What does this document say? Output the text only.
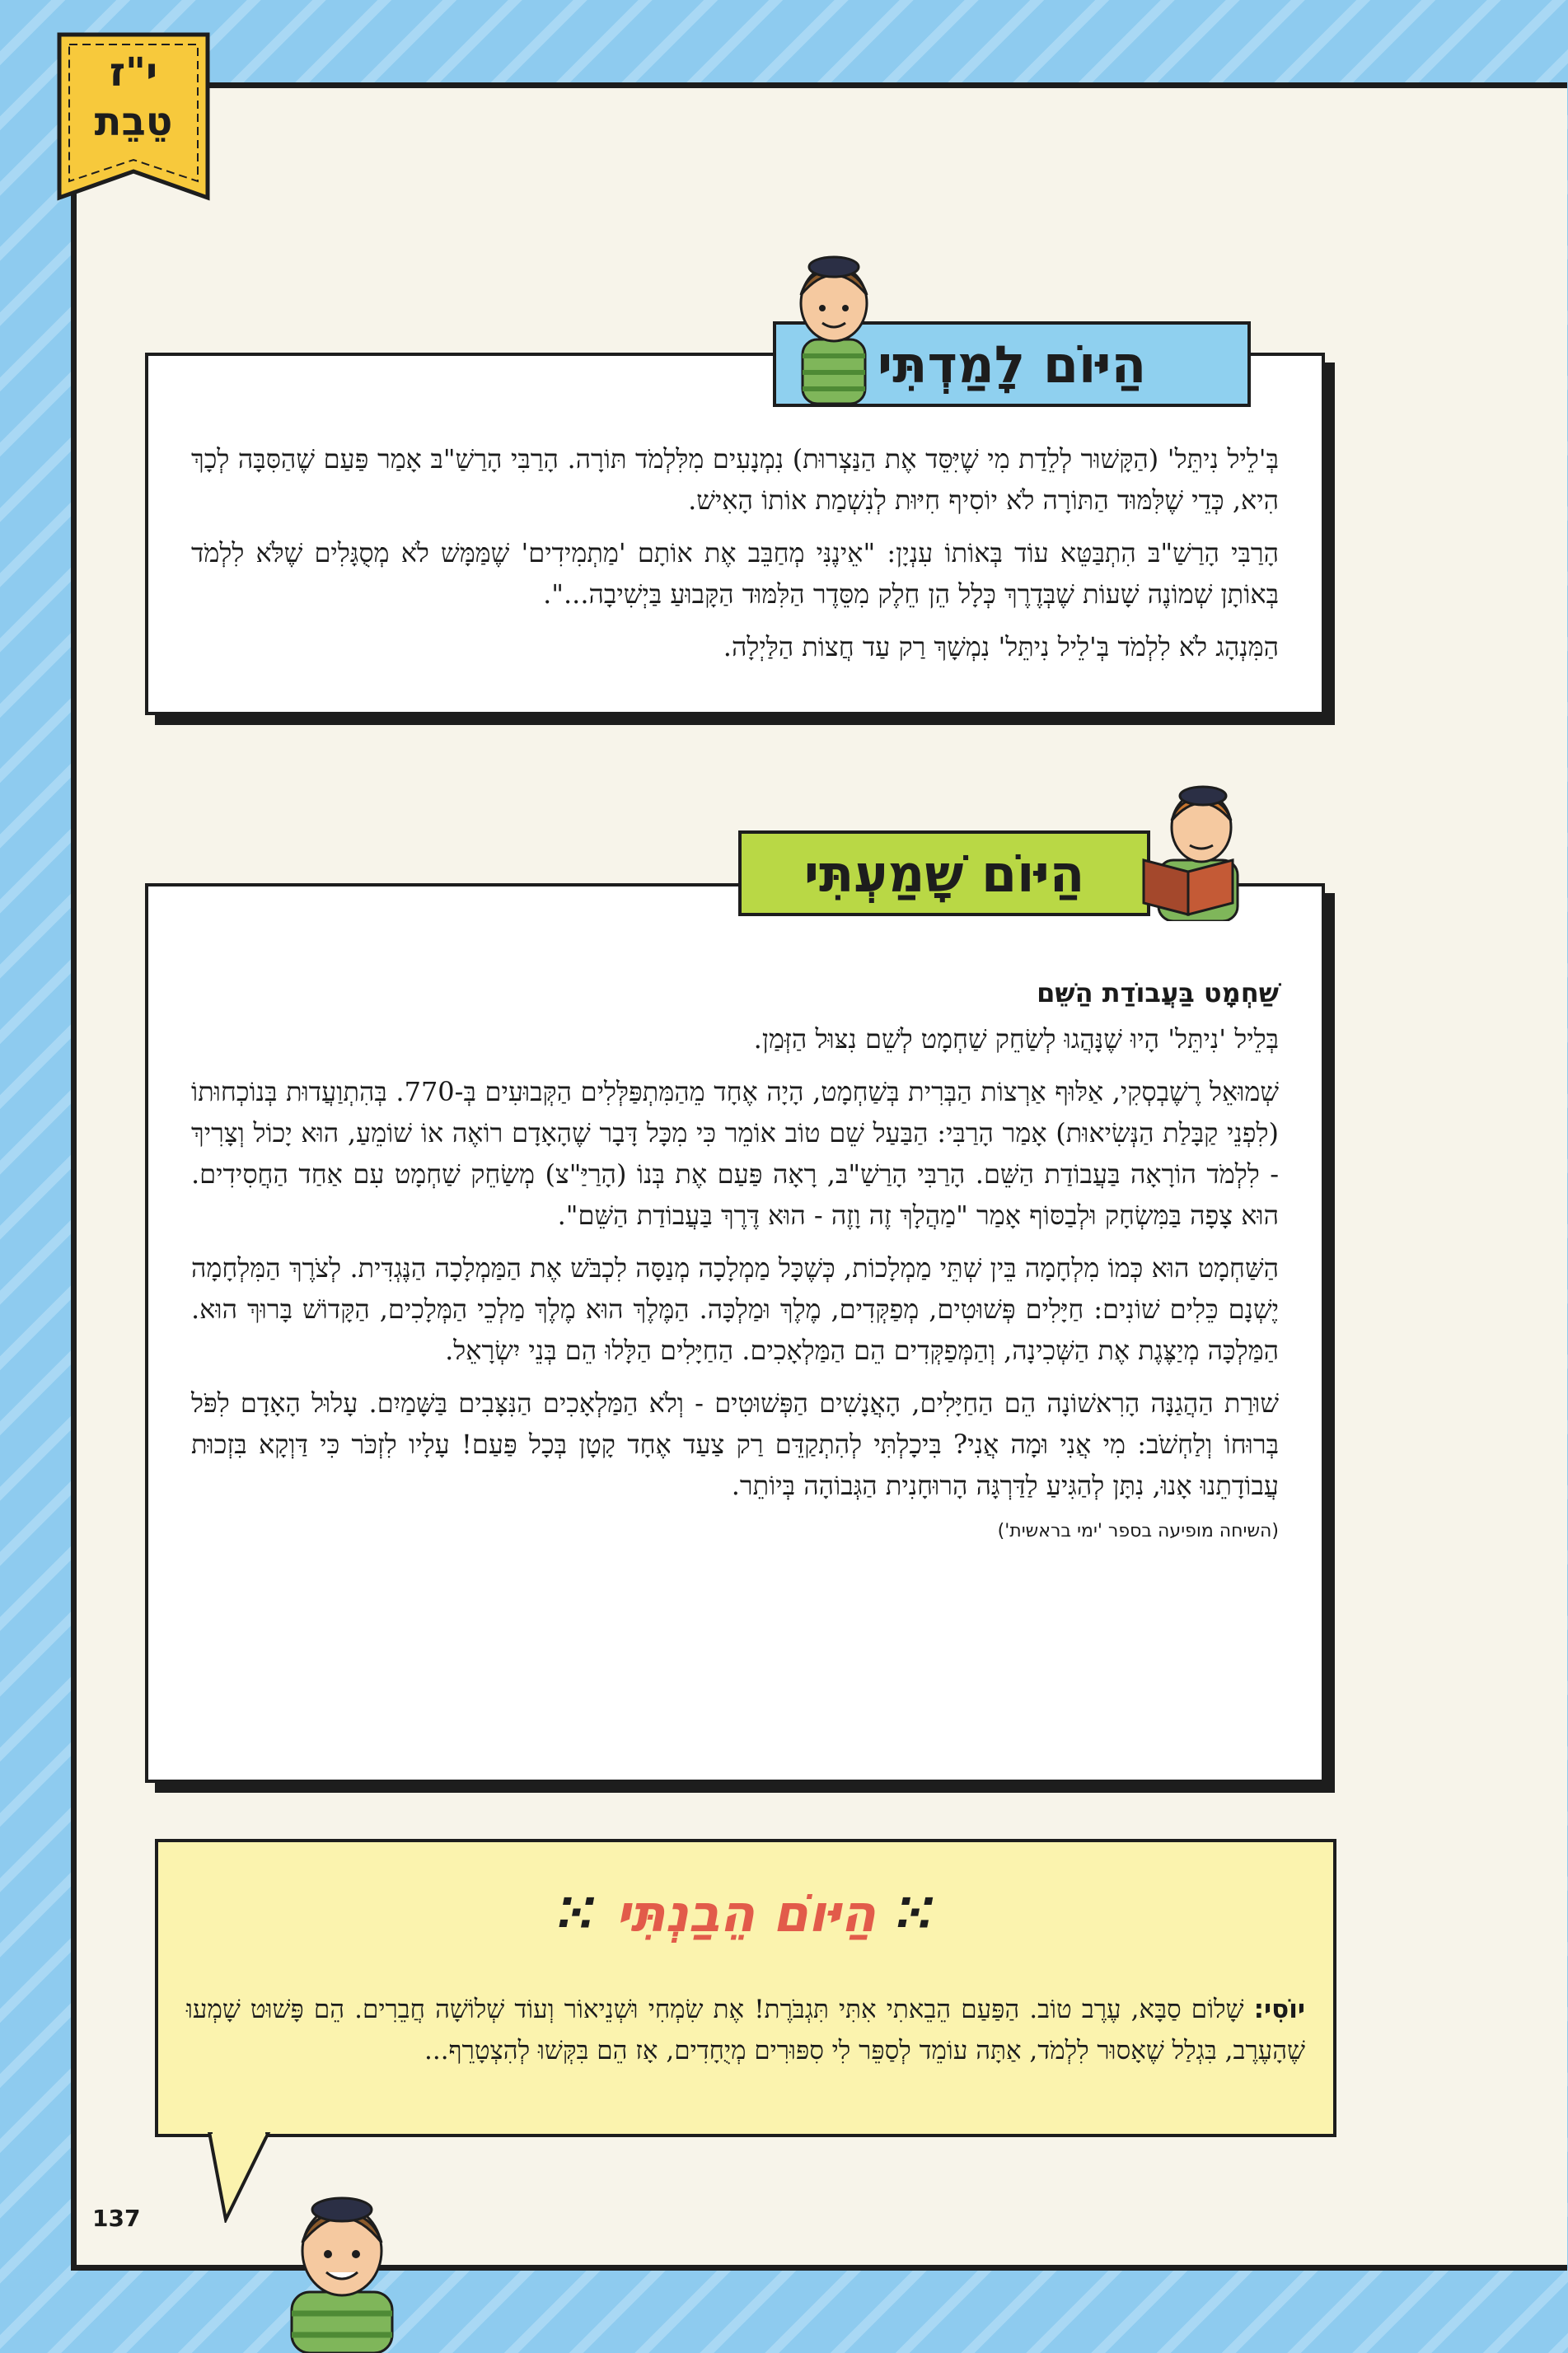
י"ז
טֵבֵת

בְּ'לֵיל נִיתֵּל' (הַקָּשׁוּר לְלֵדַת מִי שֶׁיִּסֵּד אֶת הַנַּצְרוּת) נִמְנָעִים מִלִּלְמֹד תּוֹרָה. הָרַבִּי הָרַשַׁ"בּ אָמַר פַּעַם שֶׁהַסִּבָּה לְכָךְ הִיא, כְּדֵי שֶׁלִּמּוּד הַתּוֹרָה לֹא יוֹסִיף חִיּוּת לְנִשְׁמַת אוֹתוֹ הָאִישׁ.

הָרַבִּי הָרַשַׁ"בּ הִתְבַּטֵּא עוֹד בְּאוֹתוֹ עִנְיָן: "אֵינֶנִּי מְחַבֵּב אֶת אוֹתָם 'מַתְמִידִים' שֶׁמַּמָּשׁ לֹא מְסֻגָּלִים שֶׁלֹּא לִלְמֹד בְּאוֹתָן שְׁמוֹנֶה שָׁעוֹת שֶׁבְּדֶרֶךְ כְּלָל הֵן חֵלֶק מִסֵּדֶר הַלִּמּוּד הַקָּבוּעַ בַּיְשִׁיבָה...".

הַמִּנְהָג לֹא לִלְמֹד בְּ'לֵיל נִיתֵּל' נִמְשָׁךְ רַק עַד חֲצוֹת הַלַּיְלָה.

הַיּוֹם לָמַדְתִּי

שַׁחְמָט בַּעֲבוֹדַת הַשֵּׁם

בְּלֵיל 'נִיתֵּל' הָיוּ שֶׁנָּהֲגוּ לְשַׂחֵק שַׁחְמָט לְשֵׁם נִצּוּל הַזְּמַן.

שְׁמוּאֵל רֶשֶׁבְסְקִי, אַלּוּף אַרְצוֹת הַבְּרִית בְּשַׁחְמָט, הָיָה אֶחָד מֵהַמִּתְפַּלְּלִים הַקְּבוּעִים בְּ-770. בְּהִתְוַעֲדוּת בְּנוֹכְחוּתוֹ (לִפְנֵי קַבָּלַת הַנְּשִׂיאוּת) אָמַר הָרַבִּי: הַבַּעַל שֵׁם טוֹב אוֹמֵר כִּי מִכָּל דָּבָר שֶׁהָאָדָם רוֹאֶה אוֹ שׁוֹמֵעַ, הוּא יָכוֹל וְצָרִיךְ - לִלְמֹד הוֹרָאָה בַּעֲבוֹדַת הַשֵּׁם. הָרַבִּי הָרַשַׁ"בּ, רָאָה פַּעַם אֶת בְּנוֹ (הָרַיַּ"צ) מְשַׂחֵק שַׁחְמָט עִם אַחַד הַחֲסִידִים. הוּא צָפָה בַּמִּשְׂחָק וּלְבַסּוֹף אָמַר "מַהֲלָךְ זֶה וָזֶה - הוּא דֶּרֶךְ בַּעֲבוֹדַת הַשֵּׁם".

הַשַּׁחְמָט הוּא כְּמוֹ מִלְחָמָה בֵּין שְׁתֵּי מַמְלָכוֹת, כְּשֶׁכָּל מַמְלָכָה מְנַסָּה לִכְבֹּשׁ אֶת הַמַּמְלָכָה הַנֶּגְדִּית. לְצֹרֶךְ הַמִּלְחָמָה יֶשְׁנָם כֵּלִים שׁוֹנִים: חַיָּלִים פְּשׁוּטִים, מְפַקְּדִים, מֶלֶךְ וּמַלְכָּה. הַמֶּלֶךְ הוּא מֶלֶךְ מַלְכֵי הַמְּלָכִים, הַקָּדוֹשׁ בָּרוּךְ הוּא. הַמַּלְכָּה מְיַצֶּגֶת אֶת הַשְּׁכִינָה, וְהַמְּפַקְּדִים הֵם הַמַּלְאָכִים. הַחַיָּלִים הַלָּלוּ הֵם בְּנֵי יִשְׂרָאֵל.

שׁוּרַת הַהֲגַנָּה הָרִאשׁוֹנָה הֵם הַחַיָּלִים, הָאֲנָשִׁים הַפְּשׁוּטִים - וְלֹא הַמַּלְאָכִים הַנִּצָּבִים בַּשָּׁמַיִם. עָלוּל הָאָדָם לִפֹּל בְּרוּחוֹ וְלַחְשֹׁב: מִי אֲנִי וּמָה אֲנִי? בִּיכָלְתִּי לְהִתְקַדֵּם רַק צַעַד אֶחָד קָטָן בְּכָל פַּעַם! עָלָיו לִזְכֹּר כִּי דַּוְקָא בִּזְכוּת עֲבוֹדָתֵנוּ אָנוּ, נִתָּן לְהַגִּיעַ לַדַּרְגָּה הָרוּחָנִית הַגְּבוֹהָה בְּיוֹתֵר.

(השיחה מופיעה בספר 'ימי בראשית')

הַיּוֹם שָׁמַעְתִּי
⁙ הַיּוֹם הֵבַנְתִּי ⁙
יוֹסִי: שָׁלוֹם סַבָּא, עֶרֶב טוֹב. הַפַּעַם הֵבֵאתִי אִתִּי תִּגְבֹּרֶת! אֶת שִׂמְחִי וּשְׁנֵיאוֹר וְעוֹד שְׁלוֹשָׁה חֲבֵרִים. הֵם פָּשׁוּט שָׁמְעוּ שֶׁהָעֶרֶב, בִּגְלַל שֶׁאָסוּר לִלְמֹד, אַתָּה עוֹמֵד לְסַפֵּר לִי סִפּוּרִים מְיֻחָדִים, אָז הֵם בִּקְּשׁוּ לְהִצְטָרֵף...
137
